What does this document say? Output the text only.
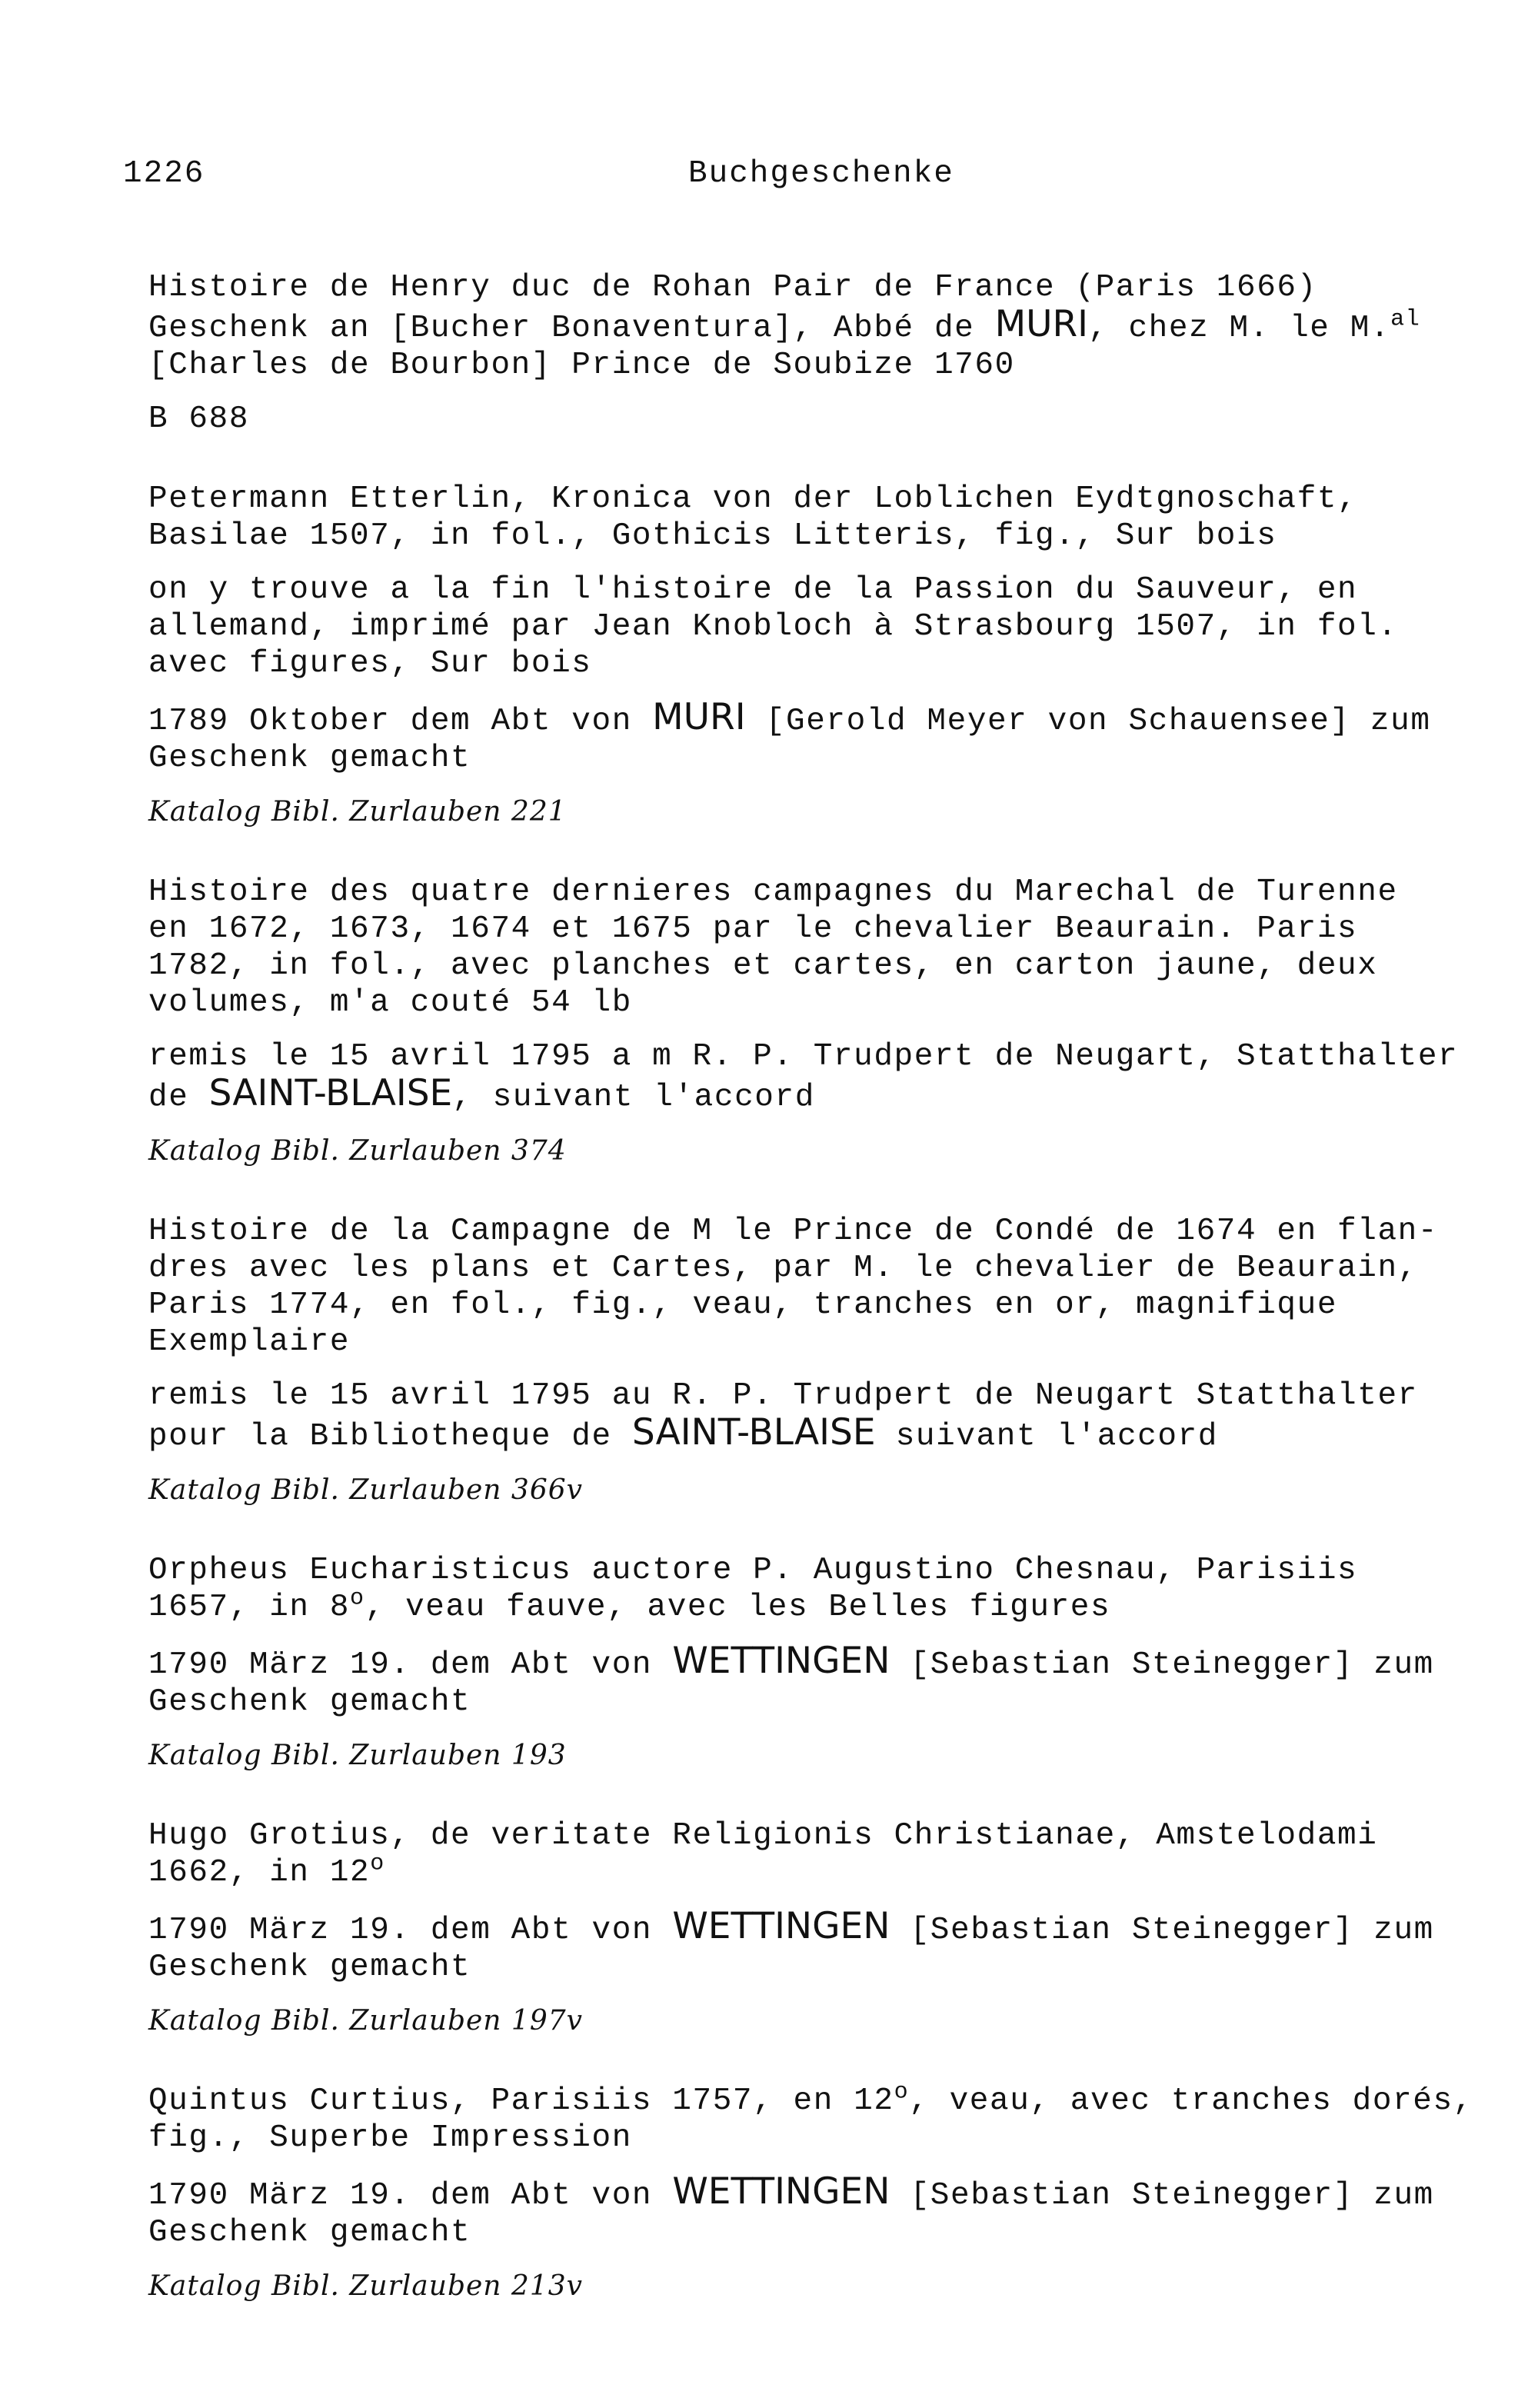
1226	Buchgeschenke

Histoire de Henry duc de Rohan Pair de France (Paris 1666)
Geschenk an [Bucher Bonaventura], Abbé de MURI, chez M. le M.$^{al}$
[Charles de Bourbon] Prince de Soubize 1760

B 688

Petermann Etterlin, Kronica von der Loblichen Eydtgnoschaft,
Basilae 1507, in fol., Gothicis Litteris, fig., Sur bois

on y trouve a la fin l'histoire de la Passion du Sauveur, en
allemand, imprimé par Jean Knobloch à Strasbourg 1507, in fol.
avec figures, Sur bois

1789 Oktober dem Abt von MURI [Gerold Meyer von Schauensee] zum
Geschenk gemacht

Katalog Bibl. Zurlauben 221

Histoire des quatre dernieres campagnes du Marechal de Turenne
en 1672, 1673, 1674 et 1675 par le chevalier Beaurain. Paris
1782, in fol., avec planches et cartes, en carton jaune, deux
volumes, m'a couté 54 lb

remis le 15 avril 1795 a m R. P. Trudpert de Neugart, Statthalter
de SAINT-BLAISE, suivant l'accord

Katalog Bibl. Zurlauben 374

Histoire de la Campagne de M le Prince de Condé de 1674 en flan-
dres avec les plans et Cartes, par M. le chevalier de Beaurain,
Paris 1774, en fol., fig., veau, tranches en or, magnifique
Exemplaire

remis le 15 avril 1795 au R. P. Trudpert de Neugart Statthalter
pour la Bibliotheque de SAINT-BLAISE suivant l'accord

Katalog Bibl. Zurlauben 366v

Orpheus Eucharisticus auctore P. Augustino Chesnau, Parisiis
1657, in 8$^o$, veau fauve, avec les Belles figures

1790 März 19. dem Abt von WETTINGEN [Sebastian Steinegger] zum
Geschenk gemacht

Katalog Bibl. Zurlauben 193

Hugo Grotius, de veritate Religionis Christianae, Amstelodami
1662, in 12$^o$

1790 März 19. dem Abt von WETTINGEN [Sebastian Steinegger] zum
Geschenk gemacht

Katalog Bibl. Zurlauben 197v

Quintus Curtius, Parisiis 1757, en 12$^o$, veau, avec tranches dorés,
fig., Superbe Impression

1790 März 19. dem Abt von WETTINGEN [Sebastian Steinegger] zum
Geschenk gemacht

Katalog Bibl. Zurlauben 213v
